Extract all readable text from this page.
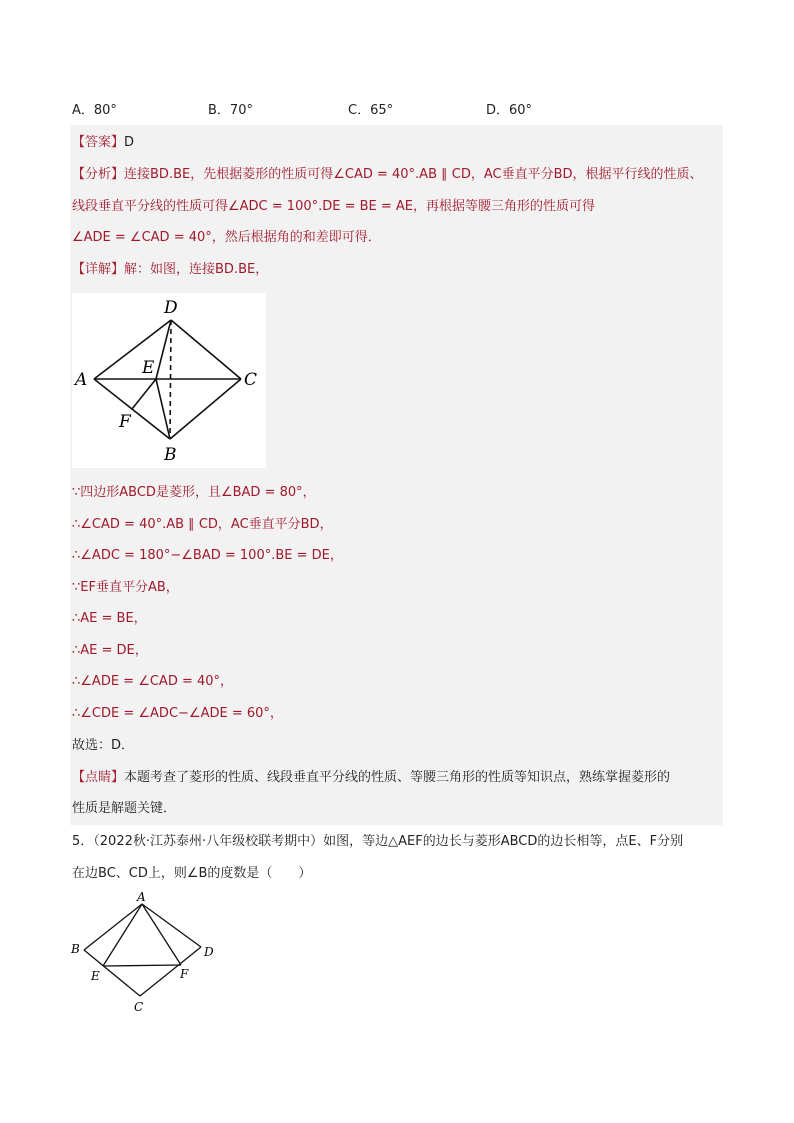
A．80°	B．70°	C．65°	D．60°
【答案】D
【分析】连接BD.BE，先根据菱形的性质可得∠CAD = 40°.AB ∥ CD，AC垂直平分BD，根据平行线的性质、
线段垂直平分线的性质可得∠ADC = 100°.DE = BE = AE，再根据等腰三角形的性质可得
∠ADE = ∠CAD = 40°，然后根据角的和差即可得．
【详解】解：如图，连接BD.BE，
D
A	C
E
F
B
∵四边形ABCD是菱形，且∠BAD = 80°，
∴∠CAD = 40°.AB ∥ CD，AC垂直平分BD，
∴∠ADC = 180°−∠BAD = 100°.BE = DE，
∵EF垂直平分AB，
∴AE = BE，
∴AE = DE，
∴∠ADE = ∠CAD = 40°，
∴∠CDE = ∠ADC−∠ADE = 60°，
故选：D．
【点睛】本题考查了菱形的性质、线段垂直平分线的性质、等腰三角形的性质等知识点，熟练掌握菱形的
性质是解题关键．
5．（2022秋·江苏泰州·八年级校联考期中）如图，等边△AEF的边长与菱形ABCD的边长相等，点E、F分别
在边BC、CD上，则∠B的度数是（　　）
A
B	D
E	F
C
